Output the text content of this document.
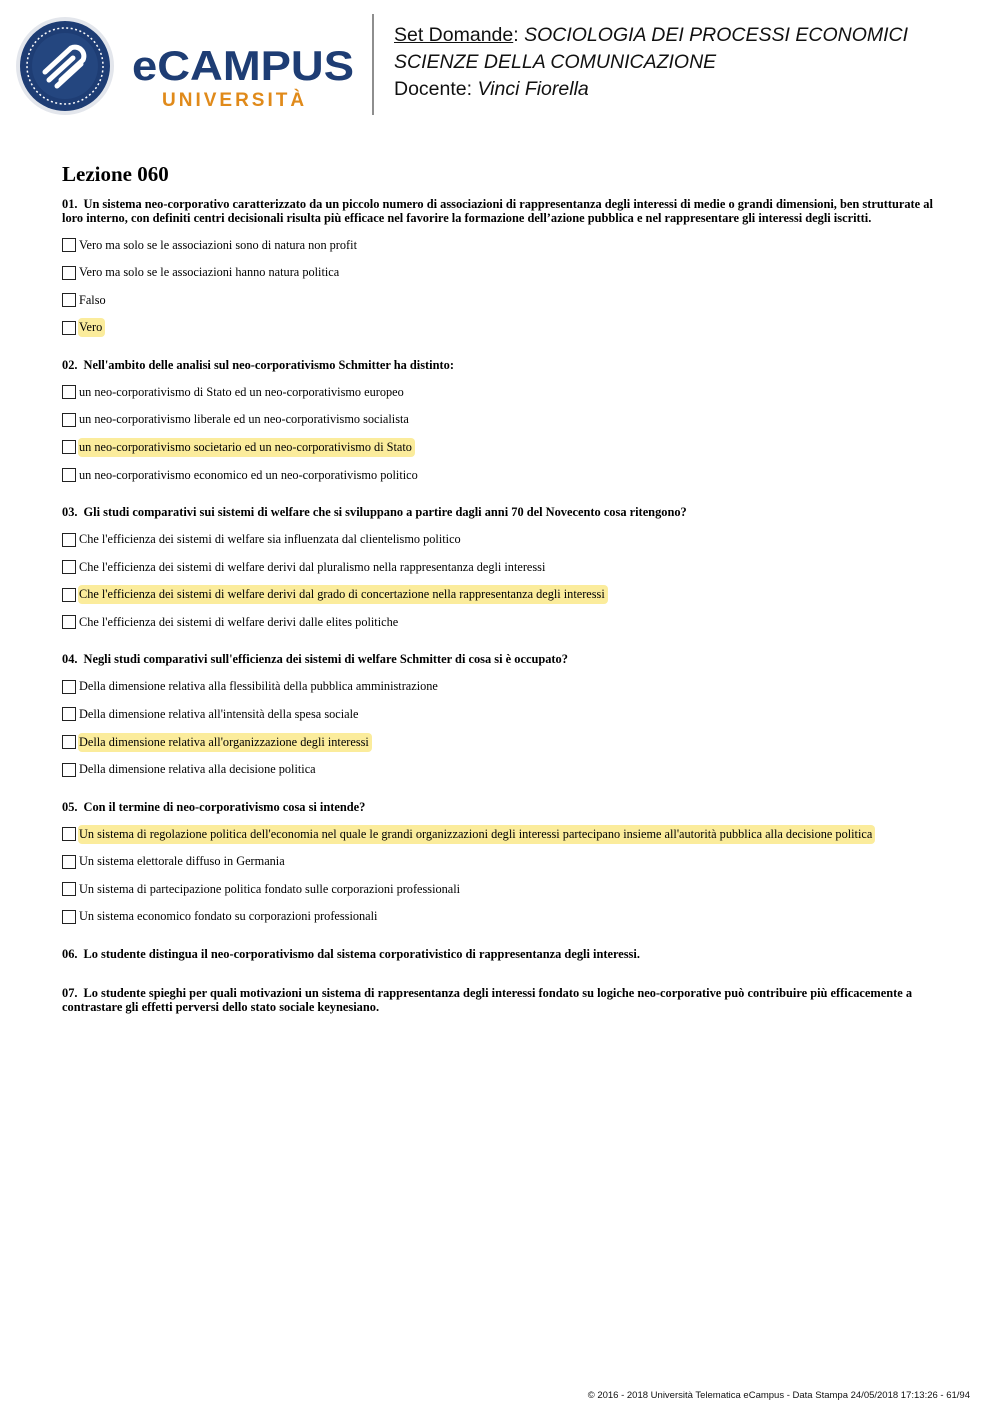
eCAMPUS
UNIVERSITÀ
Set Domande: SOCIOLOGIA DEI PROCESSI ECONOMICI
SCIENZE DELLA COMUNICAZIONE
Docente: Vinci Fiorella
Lezione 060

01. Un sistema neo-corporativo caratterizzato da un piccolo numero di associazioni di rappresentanza degli interessi di medie o grandi dimensioni, ben strutturate al loro interno, con definiti centri decisionali risulta più efficace nel favorire la formazione dell’azione pubblica e nel rappresentare gli interessi degli iscritti.

Vero ma solo se le associazioni sono di natura non profit
Vero ma solo se le associazioni hanno natura politica
Falso
Vero

02. Nell'ambito delle analisi sul neo-corporativismo Schmitter ha distinto:

un neo-corporativismo di Stato ed un neo-corporativismo europeo
un neo-corporativismo liberale ed un neo-corporativismo socialista
un neo-corporativismo societario ed un neo-corporativismo di Stato
un neo-corporativismo economico ed un neo-corporativismo politico

03. Gli studi comparativi sui sistemi di welfare che si sviluppano a partire dagli anni 70 del Novecento cosa ritengono?

Che l'efficienza dei sistemi di welfare sia influenzata dal clientelismo politico
Che l'efficienza dei sistemi di welfare derivi dal pluralismo nella rappresentanza degli interessi
Che l'efficienza dei sistemi di welfare derivi dal grado di concertazione nella rappresentanza degli interessi
Che l'efficienza dei sistemi di welfare derivi dalle elites politiche

04. Negli studi comparativi sull'efficienza dei sistemi di welfare Schmitter di cosa si è occupato?

Della dimensione relativa alla flessibilità della pubblica amministrazione
Della dimensione relativa all'intensità della spesa sociale
Della dimensione relativa all'organizzazione degli interessi
Della dimensione relativa alla decisione politica

05. Con il termine di neo-corporativismo cosa si intende?

Un sistema di regolazione politica dell'economia nel quale le grandi organizzazioni degli interessi partecipano insieme all'autorità pubblica alla decisione politica
Un sistema elettorale diffuso in Germania
Un sistema di partecipazione politica fondato sulle corporazioni professionali
Un sistema economico fondato su corporazioni professionali

06. Lo studente distingua il neo-corporativismo dal sistema corporativistico di rappresentanza degli interessi.

07. Lo studente spieghi per quali motivazioni un sistema di rappresentanza degli interessi fondato su logiche neo-corporative può contribuire più efficacemente a contrastare gli effetti perversi dello stato sociale keynesiano.

© 2016 - 2018 Università Telematica eCampus - Data Stampa 24/05/2018 17:13:26 - 61/94
